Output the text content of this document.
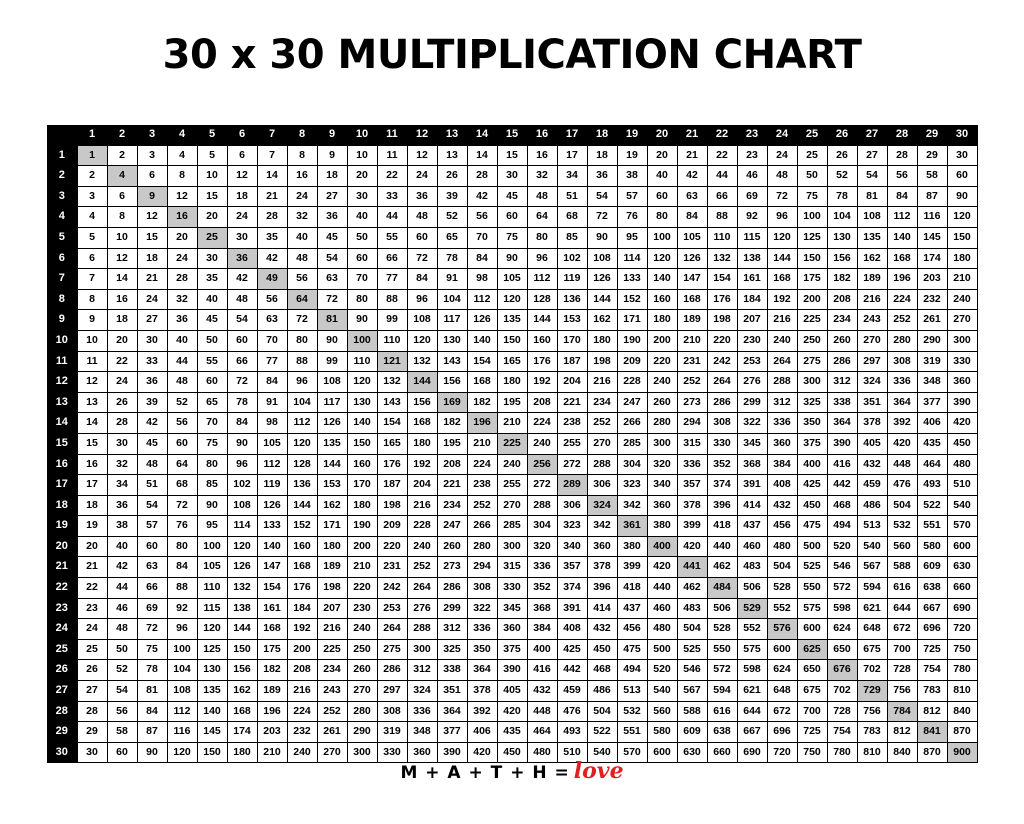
30 x 30 MULTIPLICATION CHART
	1	2	3	4	5	6	7	8	9	10	11	12	13	14	15	16	17	18	19	20	21	22	23	24	25	26	27	28	29	30
1	1	2	3	4	5	6	7	8	9	10	11	12	13	14	15	16	17	18	19	20	21	22	23	24	25	26	27	28	29	30
2	2	4	6	8	10	12	14	16	18	20	22	24	26	28	30	32	34	36	38	40	42	44	46	48	50	52	54	56	58	60
3	3	6	9	12	15	18	21	24	27	30	33	36	39	42	45	48	51	54	57	60	63	66	69	72	75	78	81	84	87	90
4	4	8	12	16	20	24	28	32	36	40	44	48	52	56	60	64	68	72	76	80	84	88	92	96	100	104	108	112	116	120
5	5	10	15	20	25	30	35	40	45	50	55	60	65	70	75	80	85	90	95	100	105	110	115	120	125	130	135	140	145	150
6	6	12	18	24	30	36	42	48	54	60	66	72	78	84	90	96	102	108	114	120	126	132	138	144	150	156	162	168	174	180
7	7	14	21	28	35	42	49	56	63	70	77	84	91	98	105	112	119	126	133	140	147	154	161	168	175	182	189	196	203	210
8	8	16	24	32	40	48	56	64	72	80	88	96	104	112	120	128	136	144	152	160	168	176	184	192	200	208	216	224	232	240
9	9	18	27	36	45	54	63	72	81	90	99	108	117	126	135	144	153	162	171	180	189	198	207	216	225	234	243	252	261	270
10	10	20	30	40	50	60	70	80	90	100	110	120	130	140	150	160	170	180	190	200	210	220	230	240	250	260	270	280	290	300
11	11	22	33	44	55	66	77	88	99	110	121	132	143	154	165	176	187	198	209	220	231	242	253	264	275	286	297	308	319	330
12	12	24	36	48	60	72	84	96	108	120	132	144	156	168	180	192	204	216	228	240	252	264	276	288	300	312	324	336	348	360
13	13	26	39	52	65	78	91	104	117	130	143	156	169	182	195	208	221	234	247	260	273	286	299	312	325	338	351	364	377	390
14	14	28	42	56	70	84	98	112	126	140	154	168	182	196	210	224	238	252	266	280	294	308	322	336	350	364	378	392	406	420
15	15	30	45	60	75	90	105	120	135	150	165	180	195	210	225	240	255	270	285	300	315	330	345	360	375	390	405	420	435	450
16	16	32	48	64	80	96	112	128	144	160	176	192	208	224	240	256	272	288	304	320	336	352	368	384	400	416	432	448	464	480
17	17	34	51	68	85	102	119	136	153	170	187	204	221	238	255	272	289	306	323	340	357	374	391	408	425	442	459	476	493	510
18	18	36	54	72	90	108	126	144	162	180	198	216	234	252	270	288	306	324	342	360	378	396	414	432	450	468	486	504	522	540
19	19	38	57	76	95	114	133	152	171	190	209	228	247	266	285	304	323	342	361	380	399	418	437	456	475	494	513	532	551	570
20	20	40	60	80	100	120	140	160	180	200	220	240	260	280	300	320	340	360	380	400	420	440	460	480	500	520	540	560	580	600
21	21	42	63	84	105	126	147	168	189	210	231	252	273	294	315	336	357	378	399	420	441	462	483	504	525	546	567	588	609	630
22	22	44	66	88	110	132	154	176	198	220	242	264	286	308	330	352	374	396	418	440	462	484	506	528	550	572	594	616	638	660
23	23	46	69	92	115	138	161	184	207	230	253	276	299	322	345	368	391	414	437	460	483	506	529	552	575	598	621	644	667	690
24	24	48	72	96	120	144	168	192	216	240	264	288	312	336	360	384	408	432	456	480	504	528	552	576	600	624	648	672	696	720
25	25	50	75	100	125	150	175	200	225	250	275	300	325	350	375	400	425	450	475	500	525	550	575	600	625	650	675	700	725	750
26	26	52	78	104	130	156	182	208	234	260	286	312	338	364	390	416	442	468	494	520	546	572	598	624	650	676	702	728	754	780
27	27	54	81	108	135	162	189	216	243	270	297	324	351	378	405	432	459	486	513	540	567	594	621	648	675	702	729	756	783	810
28	28	56	84	112	140	168	196	224	252	280	308	336	364	392	420	448	476	504	532	560	588	616	644	672	700	728	756	784	812	840
29	29	58	87	116	145	174	203	232	261	290	319	348	377	406	435	464	493	522	551	580	609	638	667	696	725	754	783	812	841	870
30	30	60	90	120	150	180	210	240	270	300	330	360	390	420	450	480	510	540	570	600	630	660	690	720	750	780	810	840	870	900
M + A + T + H = love
